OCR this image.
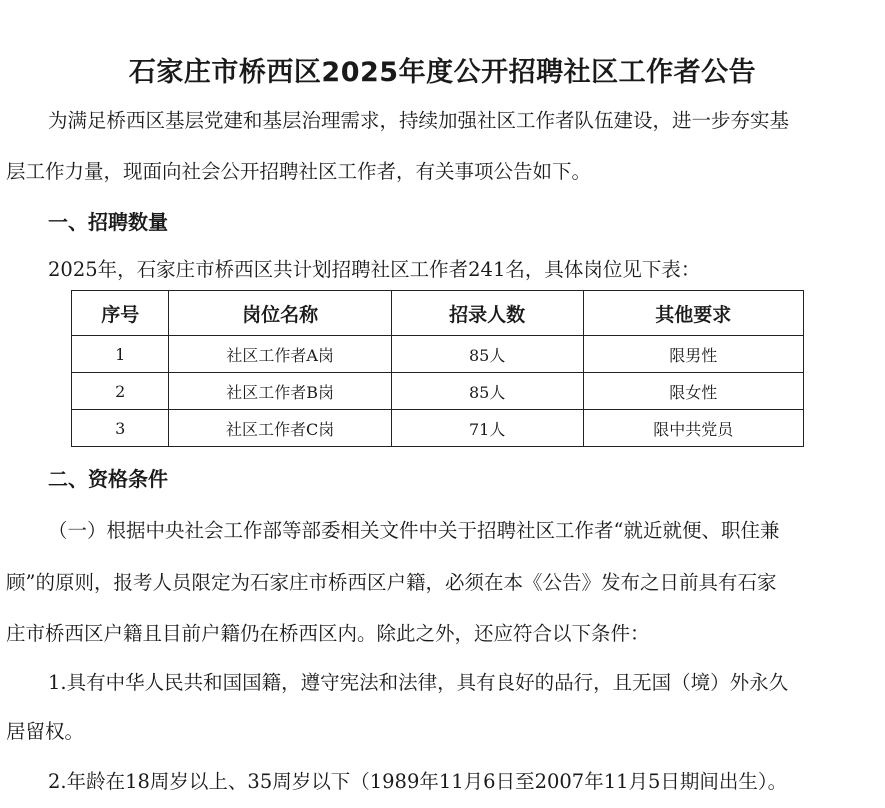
石家庄市桥西区2025年度公开招聘社区工作者公告
为满足桥西区基层党建和基层治理需求，持续加强社区工作者队伍建设，进一步夯实基
层工作力量，现面向社会公开招聘社区工作者，有关事项公告如下。
一、招聘数量
2025年，石家庄市桥西区共计划招聘社区工作者241名，具体岗位见下表：
序号	岗位名称	招录人数	其他要求
1	社区工作者A岗	85人	限男性
2	社区工作者B岗	85人	限女性
3	社区工作者C岗	71人	限中共党员
二、资格条件
（一）根据中央社会工作部等部委相关文件中关于招聘社区工作者“就近就便、职住兼
顾”的原则，报考人员限定为石家庄市桥西区户籍，必须在本《公告》发布之日前具有石家
庄市桥西区户籍且目前户籍仍在桥西区内。除此之外，还应符合以下条件：
1.具有中华人民共和国国籍，遵守宪法和法律，具有良好的品行，且无国（境）外永久
居留权。
2.年龄在18周岁以上、35周岁以下（1989年11月6日至2007年11月5日期间出生）。
